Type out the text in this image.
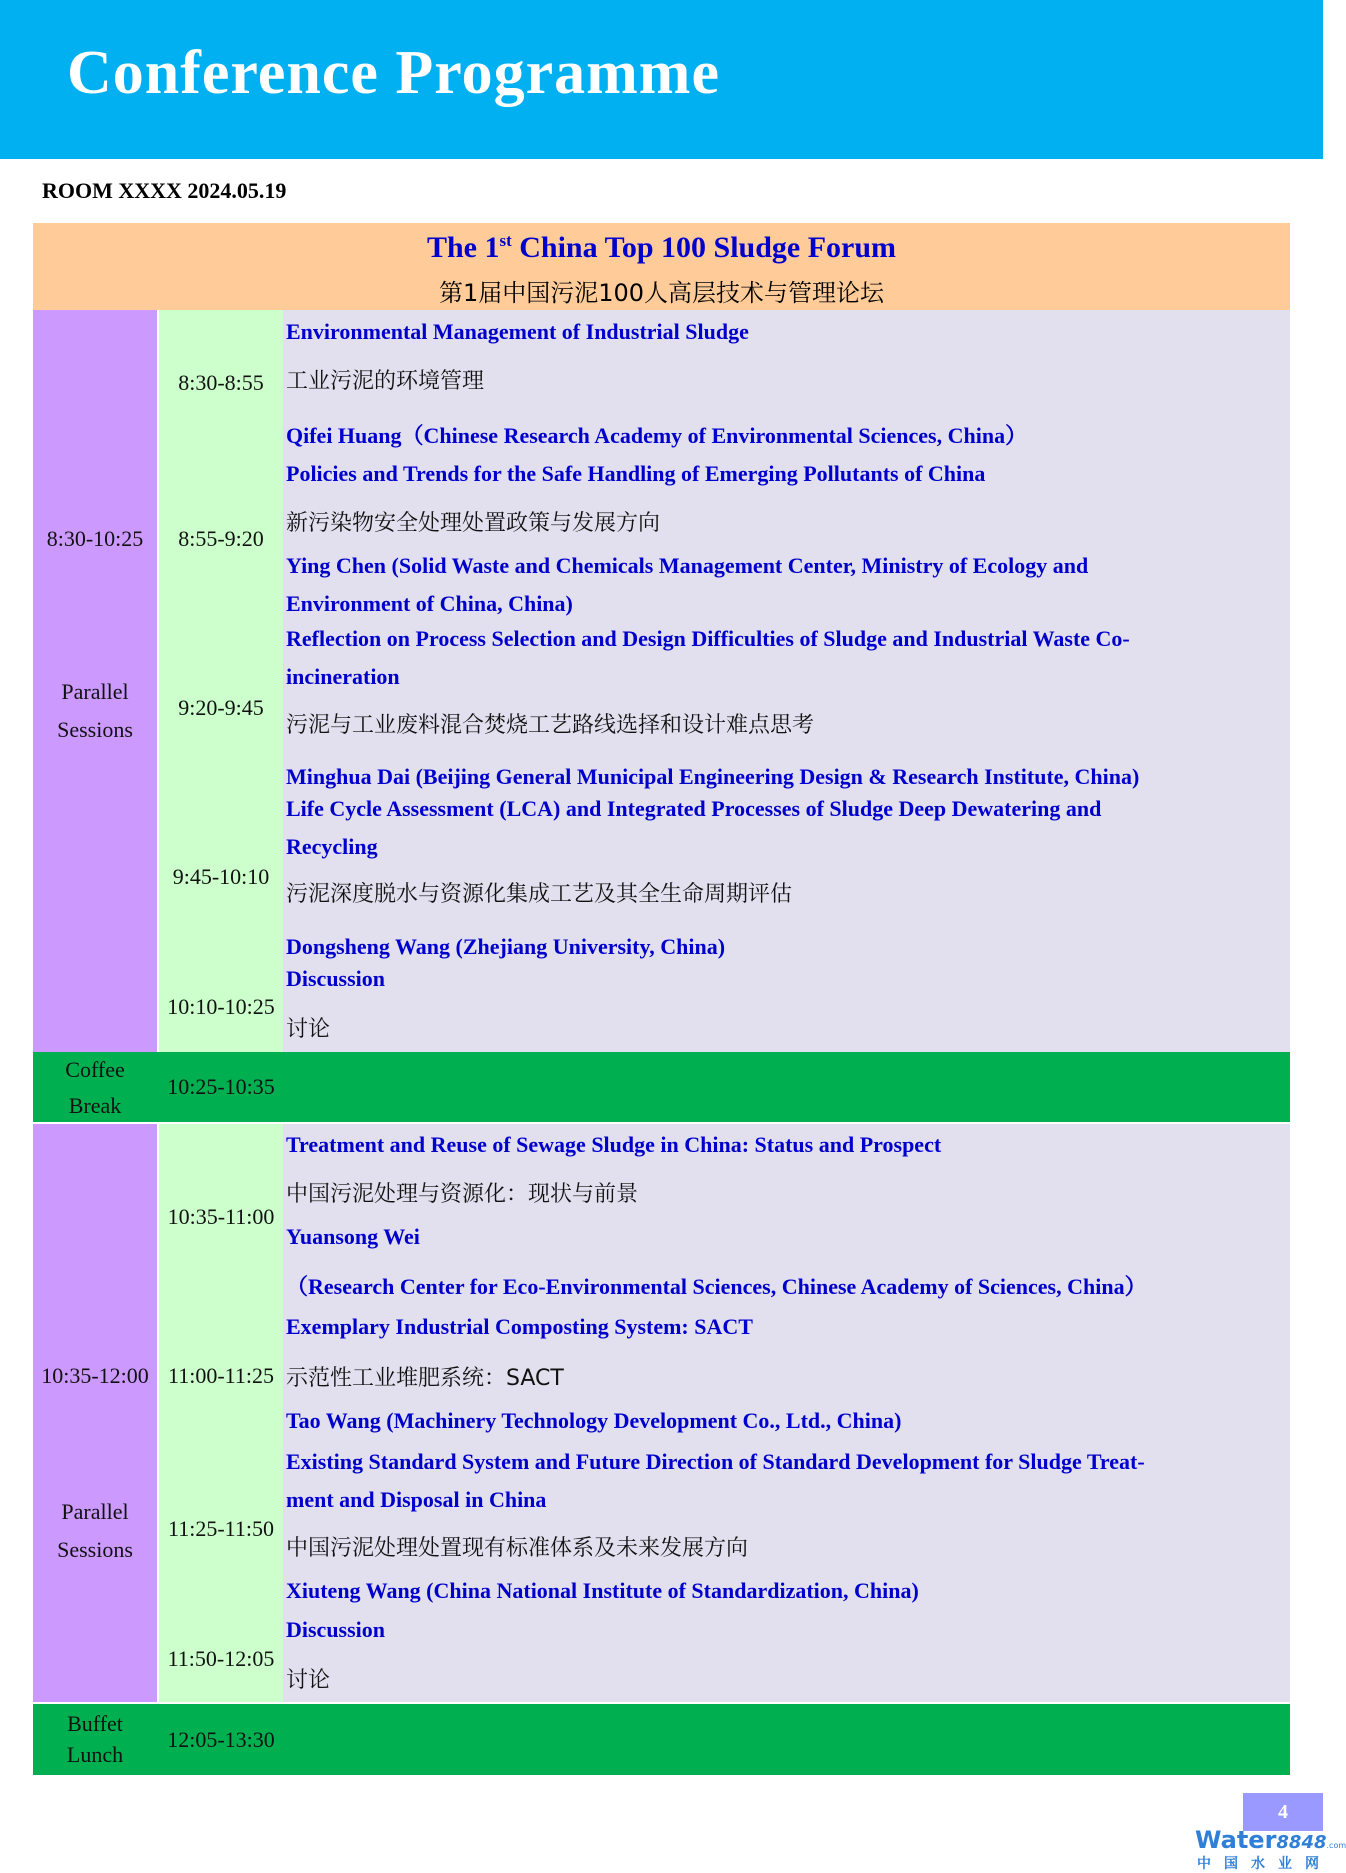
Conference Programme
ROOM XXXX 2024.05.19
The 1st China Top 100 Sludge Forum
第1届中国污泥100人高层技术与管理论坛
8:30-10:25
Parallel
Sessions
8:30-8:55
8:55-9:20
9:20-9:45
9:45-10:10
10:10-10:25
Environmental Management of Industrial Sludge
工业污泥的环境管理
Qifei Huang（Chinese Research Academy of Environmental Sciences, China）
Policies and Trends for the Safe Handling of Emerging Pollutants of China
新污染物安全处理处置政策与发展方向
Ying Chen (Solid Waste and Chemicals Management Center, Ministry of Ecology and
Environment of China, China)
Reflection on Process Selection and Design Difficulties of Sludge and Industrial Waste Co-
incineration
污泥与工业废料混合焚烧工艺路线选择和设计难点思考
Minghua Dai (Beijing General Municipal Engineering Design & Research Institute, China)
Life Cycle Assessment (LCA) and Integrated Processes of Sludge Deep Dewatering and
Recycling
污泥深度脱水与资源化集成工艺及其全生命周期评估
Dongsheng Wang (Zhejiang University, China)
Discussion
讨论
Coffee
Break
10:25-10:35
10:35-12:00
Parallel
Sessions
10:35-11:00
11:00-11:25
11:25-11:50
11:50-12:05
Treatment and Reuse of Sewage Sludge in China: Status and Prospect
中国污泥处理与资源化：现状与前景
Yuansong Wei
（Research Center for Eco-Environmental Sciences, Chinese Academy of Sciences, China）
Exemplary Industrial Composting System: SACT
示范性工业堆肥系统：SACT
Tao Wang (Machinery Technology Development Co., Ltd., China)
Existing Standard System and Future Direction of Standard Development for Sludge Treat-
ment and Disposal in China
中国污泥处理处置现有标准体系及未来发展方向
Xiuteng Wang (China National Institute of Standardization, China)
Discussion
讨论
Buffet
Lunch
12:05-13:30
4
Water8848.com
中国水业网
